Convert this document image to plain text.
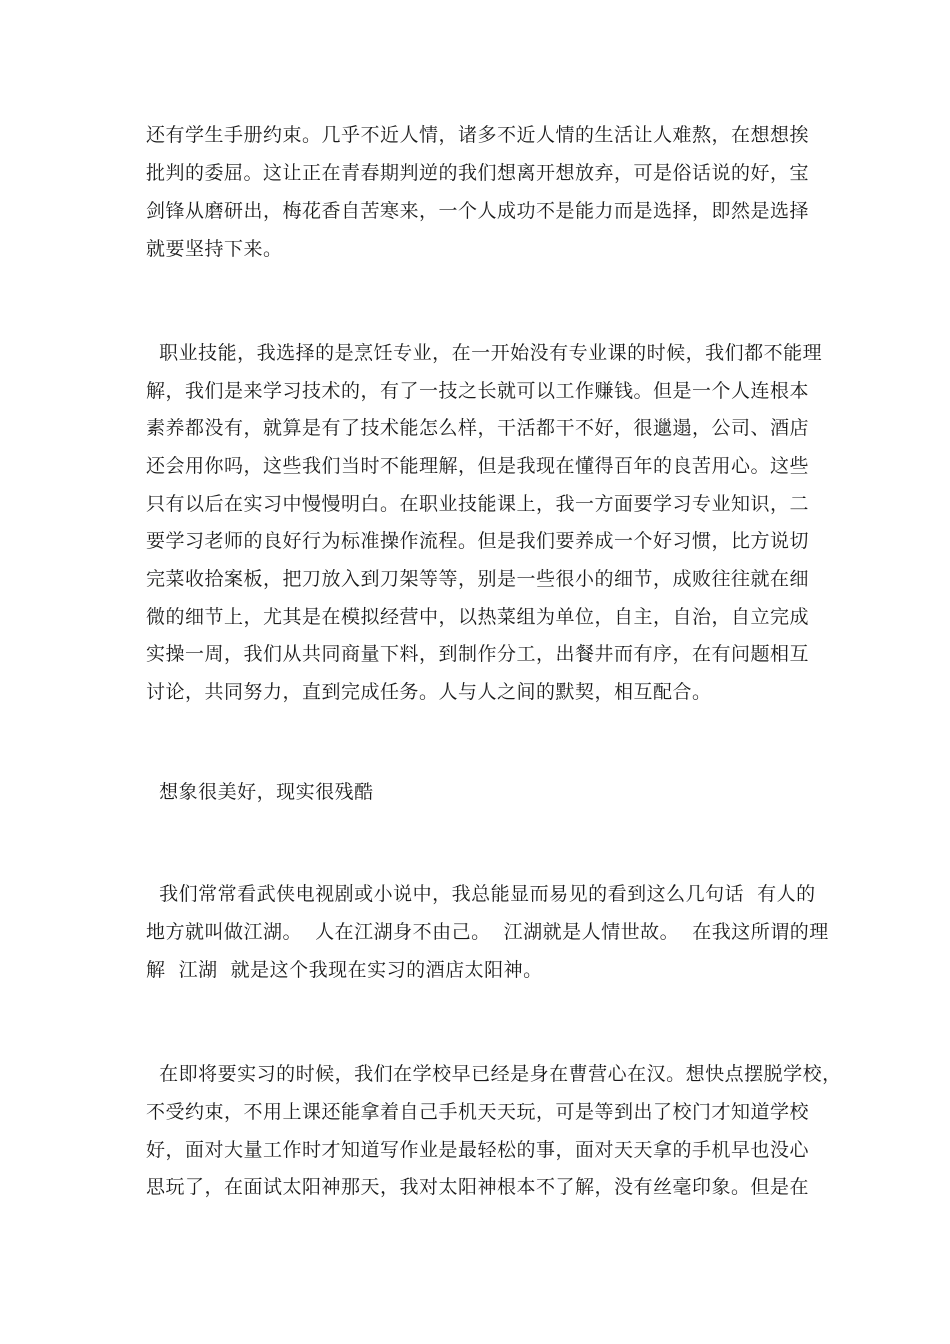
还有学生手册约束。几乎不近人情，诸多不近人情的生活让人难熬，在想想挨
批判的委屈。这让正在青春期判逆的我们想离开想放弃，可是俗话说的好，宝
剑锋从磨研出，梅花香自苦寒来，一个人成功不是能力而是选择，即然是选择
就要坚持下来。
职业技能，我选择的是烹饪专业，在一开始没有专业课的时候，我们都不能理
解，我们是来学习技术的，有了一技之长就可以工作赚钱。但是一个人连根本
素养都没有，就算是有了技术能怎么样，干活都干不好，很邋遢，公司、酒店
还会用你吗，这些我们当时不能理解，但是我现在懂得百年的良苦用心。这些
只有以后在实习中慢慢明白。在职业技能课上，我一方面要学习专业知识，二
要学习老师的良好行为标准操作流程。但是我们要养成一个好习惯，比方说切
完菜收拾案板，把刀放入到刀架等等，别是一些很小的细节，成败往往就在细
微的细节上，尤其是在模拟经营中，以热菜组为单位，自主，自治，自立完成
实操一周，我们从共同商量下料，到制作分工，出餐井而有序，在有问题相互
讨论，共同努力，直到完成任务。人与人之间的默契，相互配合。
想象很美好，现实很残酷
我们常常看武侠电视剧或小说中，我总能显而易见的看到这么几句话  有人的
地方就叫做江湖。  人在江湖身不由己。  江湖就是人情世故。  在我这所谓的理
解  江湖  就是这个我现在实习的酒店太阳神。
在即将要实习的时候，我们在学校早已经是身在曹营心在汉。想快点摆脱学校，
不受约束，不用上课还能拿着自己手机天天玩，可是等到出了校门才知道学校
好，面对大量工作时才知道写作业是最轻松的事，面对天天拿的手机早也没心
思玩了，在面试太阳神那天，我对太阳神根本不了解，没有丝毫印象。但是在
